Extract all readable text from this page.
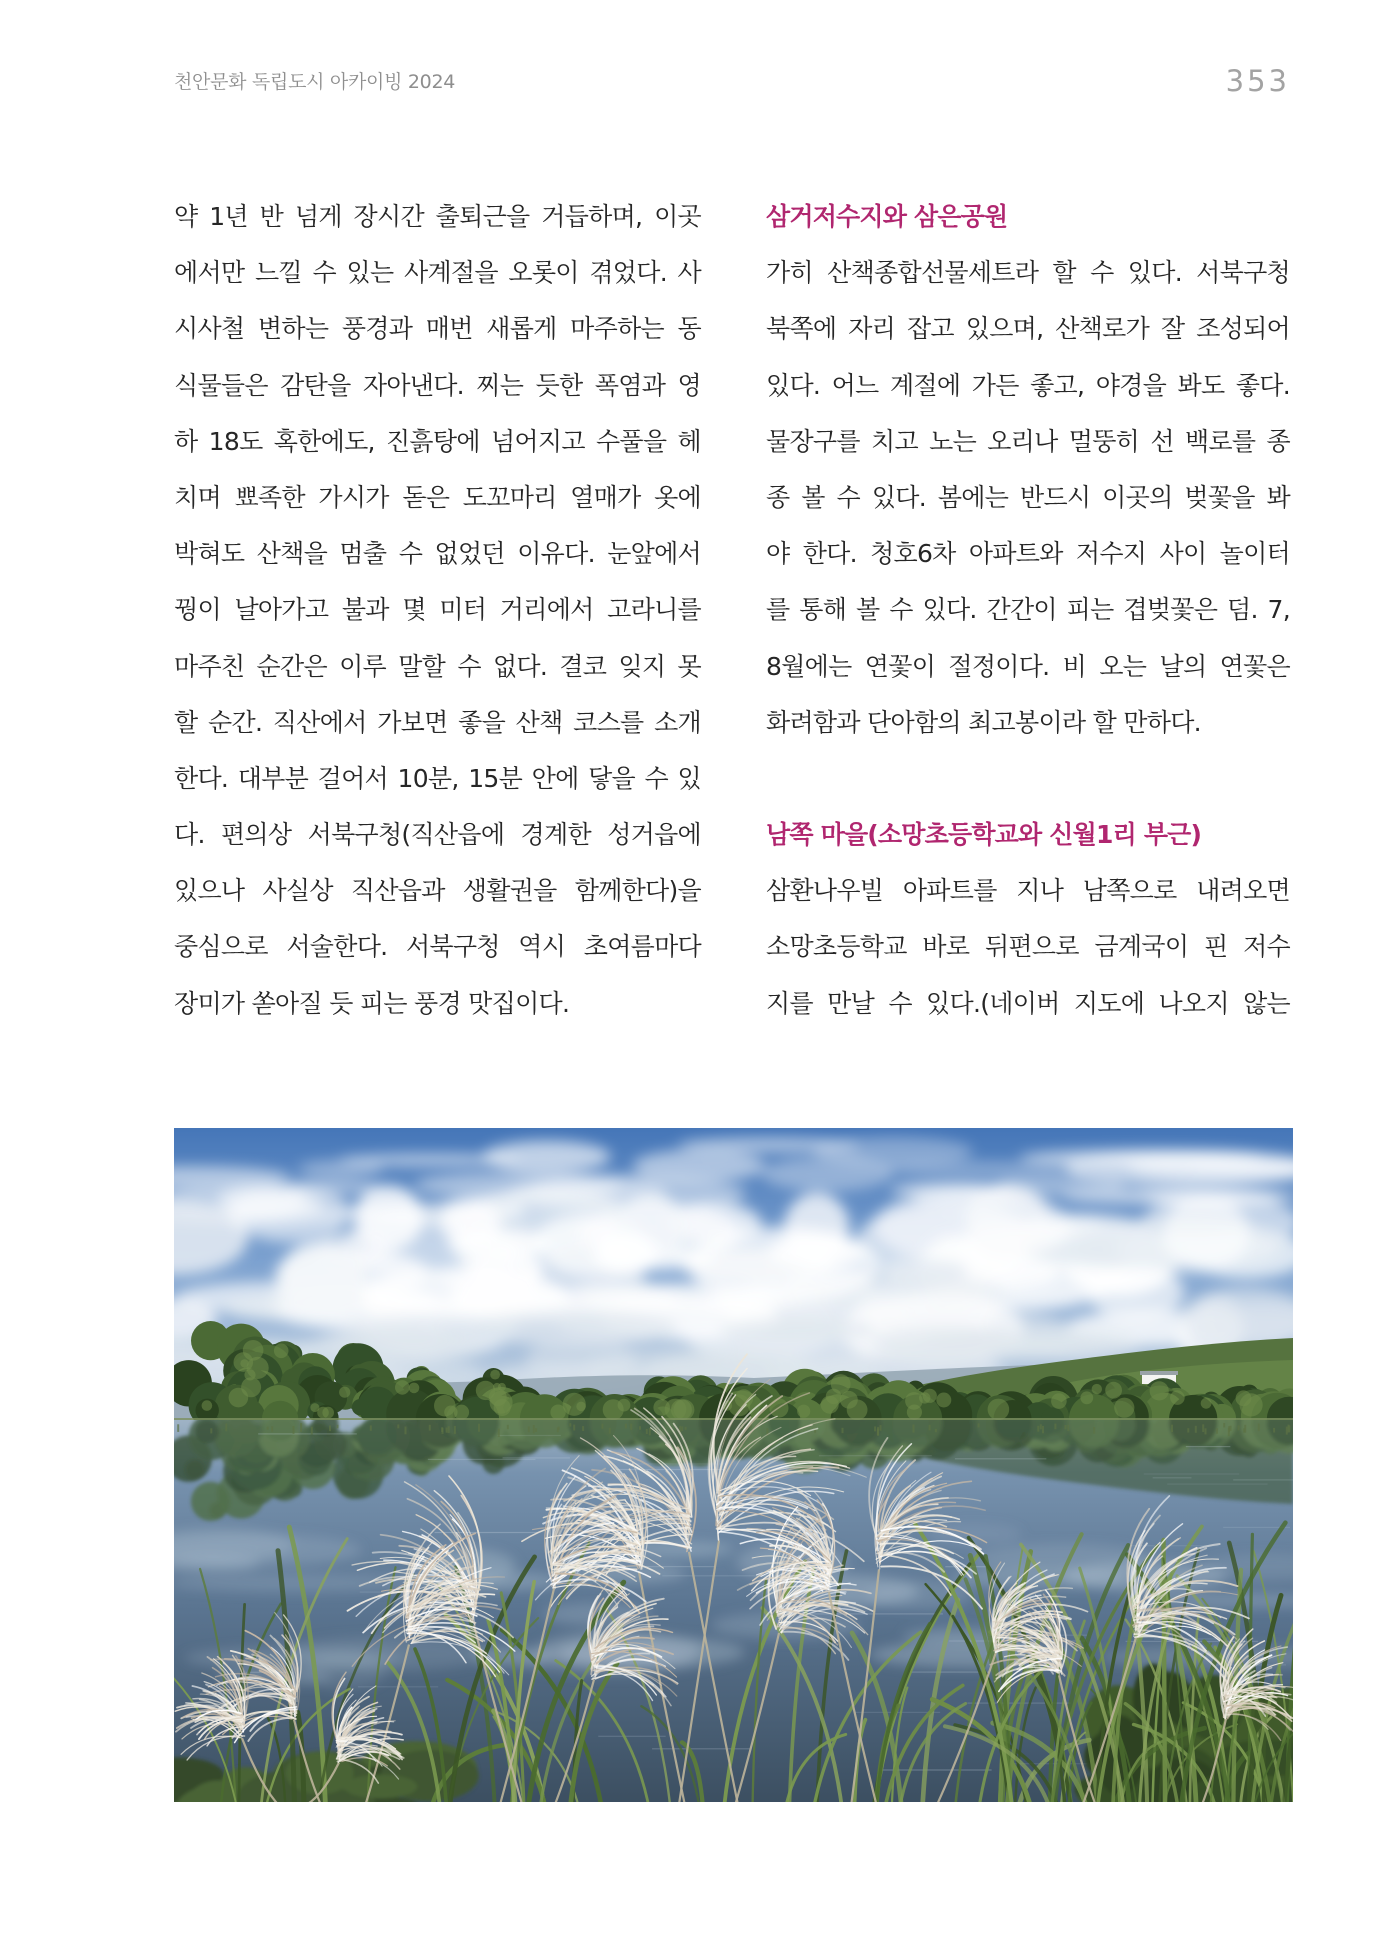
천안문화 독립도시 아카이빙 2024	353
약 1년 반 넘게 장시간 출퇴근을 거듭하며, 이곳
에서만 느낄 수 있는 사계절을 오롯이 겪었다. 사
시사철 변하는 풍경과 매번 새롭게 마주하는 동
식물들은 감탄을 자아낸다. 찌는 듯한 폭염과 영
하 18도 혹한에도, 진흙탕에 넘어지고 수풀을 헤
치며 뾰족한 가시가 돋은 도꼬마리 열매가 옷에
박혀도 산책을 멈출 수 없었던 이유다. 눈앞에서
꿩이 날아가고 불과 몇 미터 거리에서 고라니를
마주친 순간은 이루 말할 수 없다. 결코 잊지 못
할 순간. 직산에서 가보면 좋을 산책 코스를 소개
한다. 대부분 걸어서 10분, 15분 안에 닿을 수 있
다. 편의상 서북구청(직산읍에 경계한 성거읍에
있으나 사실상 직산읍과 생활권을 함께한다)을
중심으로 서술한다. 서북구청 역시 초여름마다
장미가 쏟아질 듯 피는 풍경 맛집이다.
삼거저수지와 삼은공원
가히 산책종합선물세트라 할 수 있다. 서북구청
북쪽에 자리 잡고 있으며, 산책로가 잘 조성되어
있다. 어느 계절에 가든 좋고, 야경을 봐도 좋다.
물장구를 치고 노는 오리나 멀뚱히 선 백로를 종
종 볼 수 있다. 봄에는 반드시 이곳의 벚꽃을 봐
야 한다. 청호6차 아파트와 저수지 사이 놀이터
를 통해 볼 수 있다. 간간이 피는 겹벚꽃은 덤. 7,
8월에는 연꽃이 절정이다. 비 오는 날의 연꽃은
화려함과 단아함의 최고봉이라 할 만하다.
남쪽 마을(소망초등학교와 신월1리 부근)
삼환나우빌 아파트를 지나 남쪽으로 내려오면
소망초등학교 바로 뒤편으로 금계국이 핀 저수
지를 만날 수 있다.(네이버 지도에 나오지 않는
